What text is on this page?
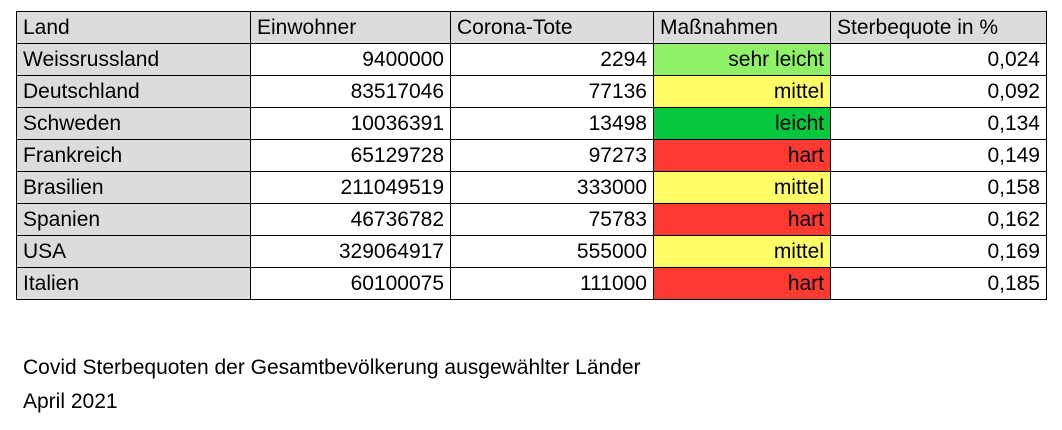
Land	Einwohner	Corona-Tote	Maßnahmen	Sterbequote in %
Weissrussland	9400000	2294	sehr leicht	0,024
Deutschland	83517046	77136	mittel	0,092
Schweden	10036391	13498	leicht	0,134
Frankreich	65129728	97273	hart	0,149
Brasilien	211049519	333000	mittel	0,158
Spanien	46736782	75783	hart	0,162
USA	329064917	555000	mittel	0,169
Italien	60100075	111000	hart	0,185
Covid Sterbequoten der Gesamtbevölkerung ausgewählter Länder
April 2021
